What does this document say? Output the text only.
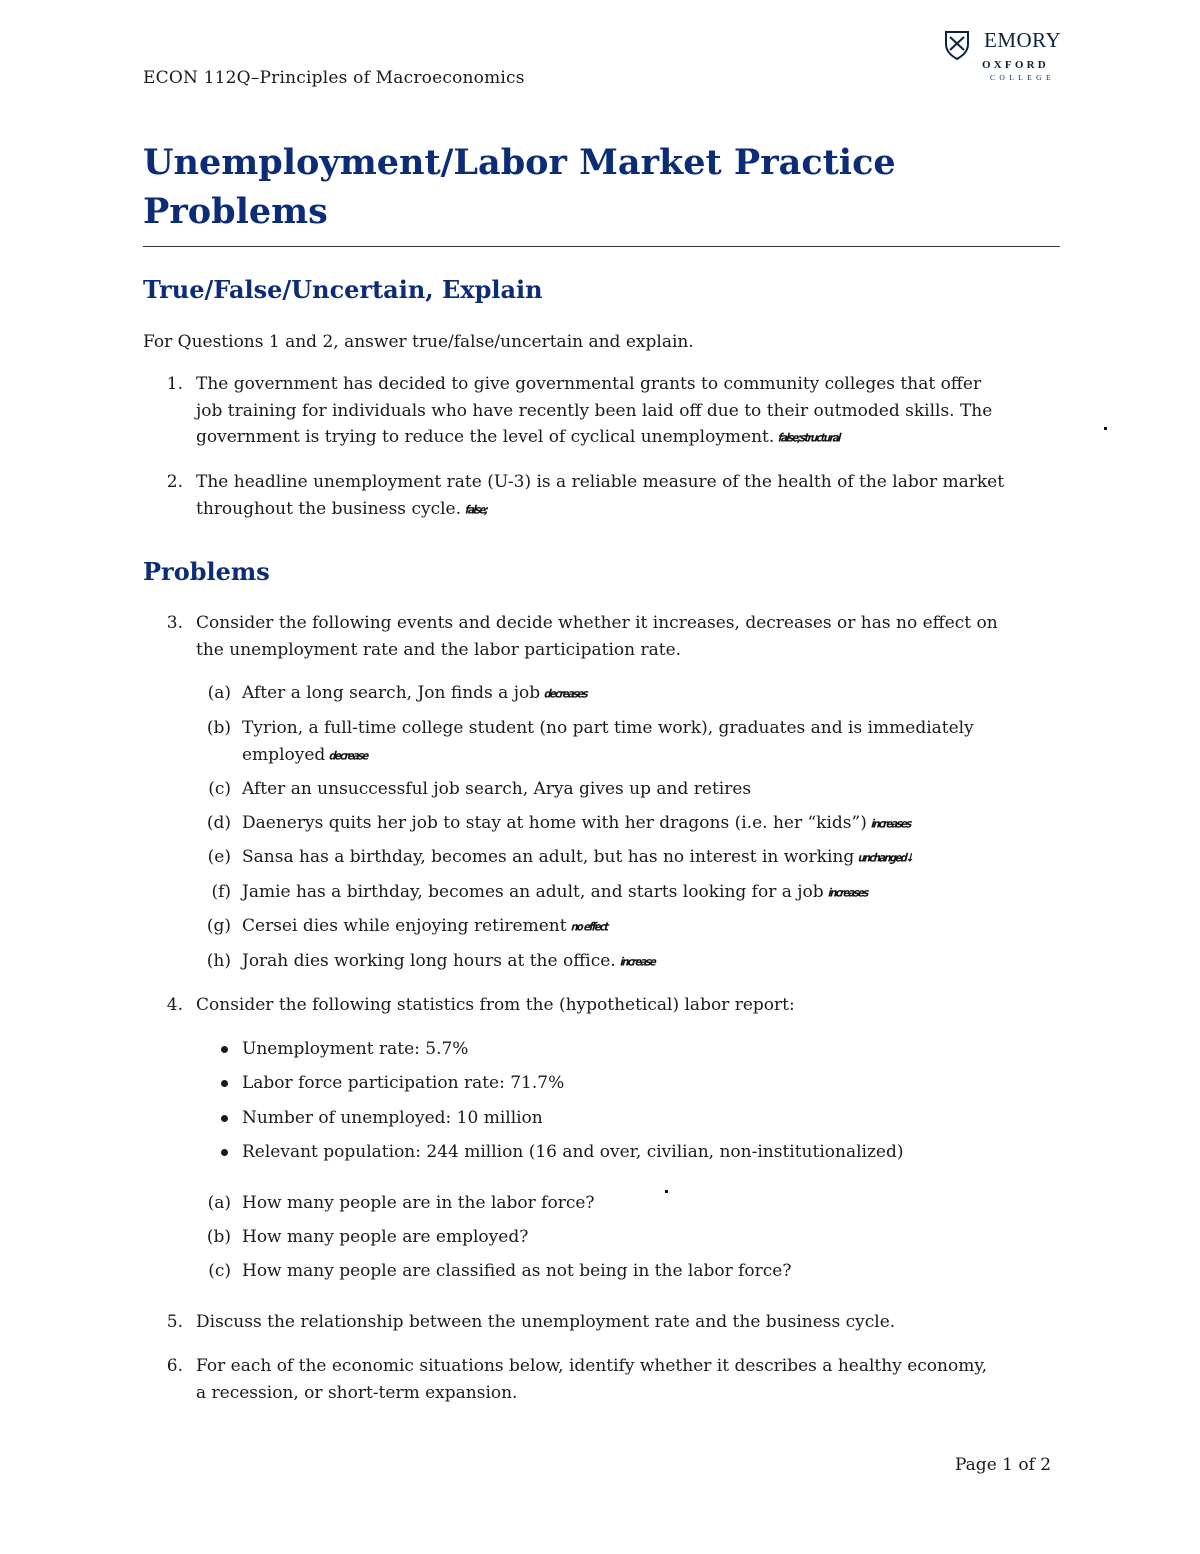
ECON 112Q–Principles of Macroeconomics
EMORY
OXFORD
COLLEGE
Unemployment/Labor Market Practice Problems
True/False/Uncertain, Explain
For Questions 1 and 2, answer true/false/uncertain and explain.
1. The government has decided to give governmental grants to community colleges that offer
job training for individuals who have recently been laid off due to their outmoded skills. The
government is trying to reduce the level of cyclical unemployment. false;structural
2. The headline unemployment rate (U-3) is a reliable measure of the health of the labor market
throughout the business cycle. false;
Problems
3. Consider the following events and decide whether it increases, decreases or has no effect on
the unemployment rate and the labor participation rate.
(a) After a long search, Jon finds a job decreases
(b) Tyrion, a full-time college student (no part time work), graduates and is immediately
employed decrease
(c) After an unsuccessful job search, Arya gives up and retires
(d) Daenerys quits her job to stay at home with her dragons (i.e. her “kids”) increases
(e) Sansa has a birthday, becomes an adult, but has no interest in working unchanged↓
(f) Jamie has a birthday, becomes an adult, and starts looking for a job increases
(g) Cersei dies while enjoying retirement no effect
(h) Jorah dies working long hours at the office. increase
4. Consider the following statistics from the (hypothetical) labor report:
Unemployment rate: 5.7%
Labor force participation rate: 71.7%
Number of unemployed: 10 million
Relevant population: 244 million (16 and over, civilian, non-institutionalized)
(a) How many people are in the labor force?
(b) How many people are employed?
(c) How many people are classified as not being in the labor force?
5. Discuss the relationship between the unemployment rate and the business cycle.
6. For each of the economic situations below, identify whether it describes a healthy economy,
a recession, or short-term expansion.
Page 1 of 2
